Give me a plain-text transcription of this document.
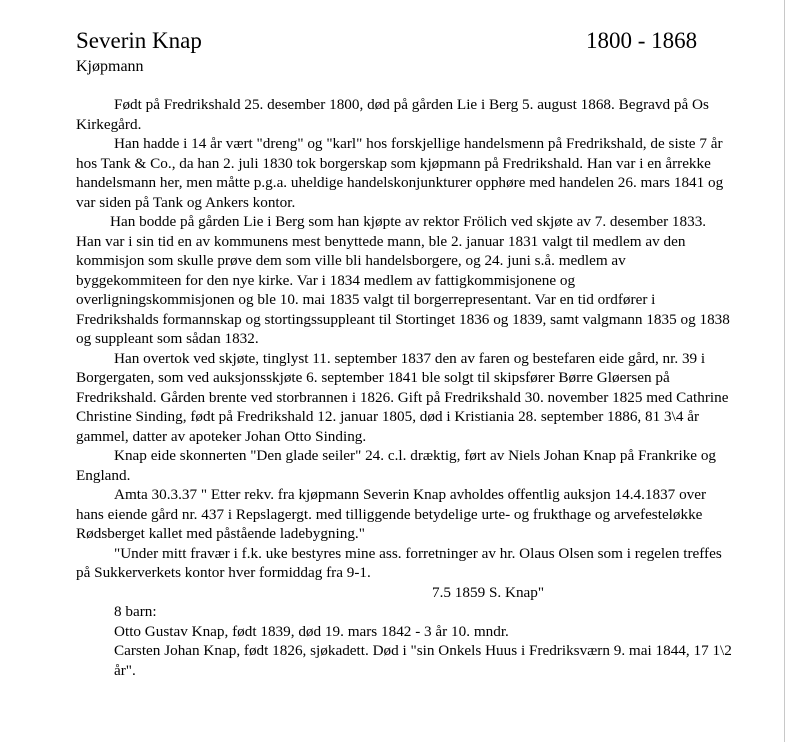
Severin Knap	1800 - 1868
Kjøpmann

Født på Fredrikshald 25. desember 1800, død på gården Lie i Berg 5. august 1868. Begravd på Os Kirkegård.

Han hadde i 14 år vært "dreng" og "karl" hos forskjellige handelsmenn på Fredrikshald, de siste 7 år hos Tank & Co., da han 2. juli 1830 tok borgerskap som kjøpmann på Fredrikshald. Han var i en årrekke handelsmann her, men måtte p.g.a. uheldige handelskonjunkturer opphøre med handelen 26. mars 1841 og var siden på Tank og Ankers kontor.

Han bodde på gården Lie i Berg som han kjøpte av rektor Frölich ved skjøte av 7. desember 1833. Han var i sin tid en av kommunens mest benyttede mann, ble 2. januar 1831 valgt til medlem av den kommisjon som skulle prøve dem som ville bli handelsborgere, og 24. juni s.å. medlem av byggekommiteen for den nye kirke. Var i 1834 medlem av fattigkommisjonene og overligningskommisjonen og ble 10. mai 1835 valgt til borgerrepresentant. Var en tid ordfører i Fredrikshalds formannskap og stortingssuppleant til Stortinget 1836 og 1839, samt valgmann 1835 og 1838 og suppleant som sådan 1832.

Han overtok ved skjøte, tinglyst 11. september 1837 den av faren og bestefaren eide gård, nr. 39 i Borgergaten, som ved auksjonsskjøte 6. september 1841 ble solgt til skipsfører Børre Gløersen på Fredrikshald. Gården brente ved storbrannen i 1826. Gift på Fredrikshald 30. november 1825 med Cathrine Christine Sinding, født på Fredrikshald 12. januar 1805, død i Kristiania 28. september 1886, 81 3\4 år gammel, datter av apoteker Johan Otto Sinding.

Knap eide skonnerten "Den glade seiler" 24. c.l. dræktig, ført av Niels Johan Knap på Frankrike og England.

Amta 30.3.37 " Etter rekv. fra kjøpmann Severin Knap avholdes offentlig auksjon 14.4.1837 over hans eiende gård nr. 437 i Repslagergt. med tilliggende betydelige urte- og frukthage og arvefesteløkke Rødsberget kallet med påstående ladebygning."

"Under mitt fravær i f.k. uke bestyres mine ass. forretninger av hr. Olaus Olsen som i regelen treffes på Sukkerverkets kontor hver formiddag fra 9-1.

7.5 1859 S. Knap"

8 barn:

Otto Gustav Knap, født 1839, død 19. mars 1842 - 3 år 10. mndr.

Carsten Johan Knap, født 1826, sjøkadett. Død i "sin Onkels Huus i Fredriksværn 9. mai 1844, 17 1\2 år".
